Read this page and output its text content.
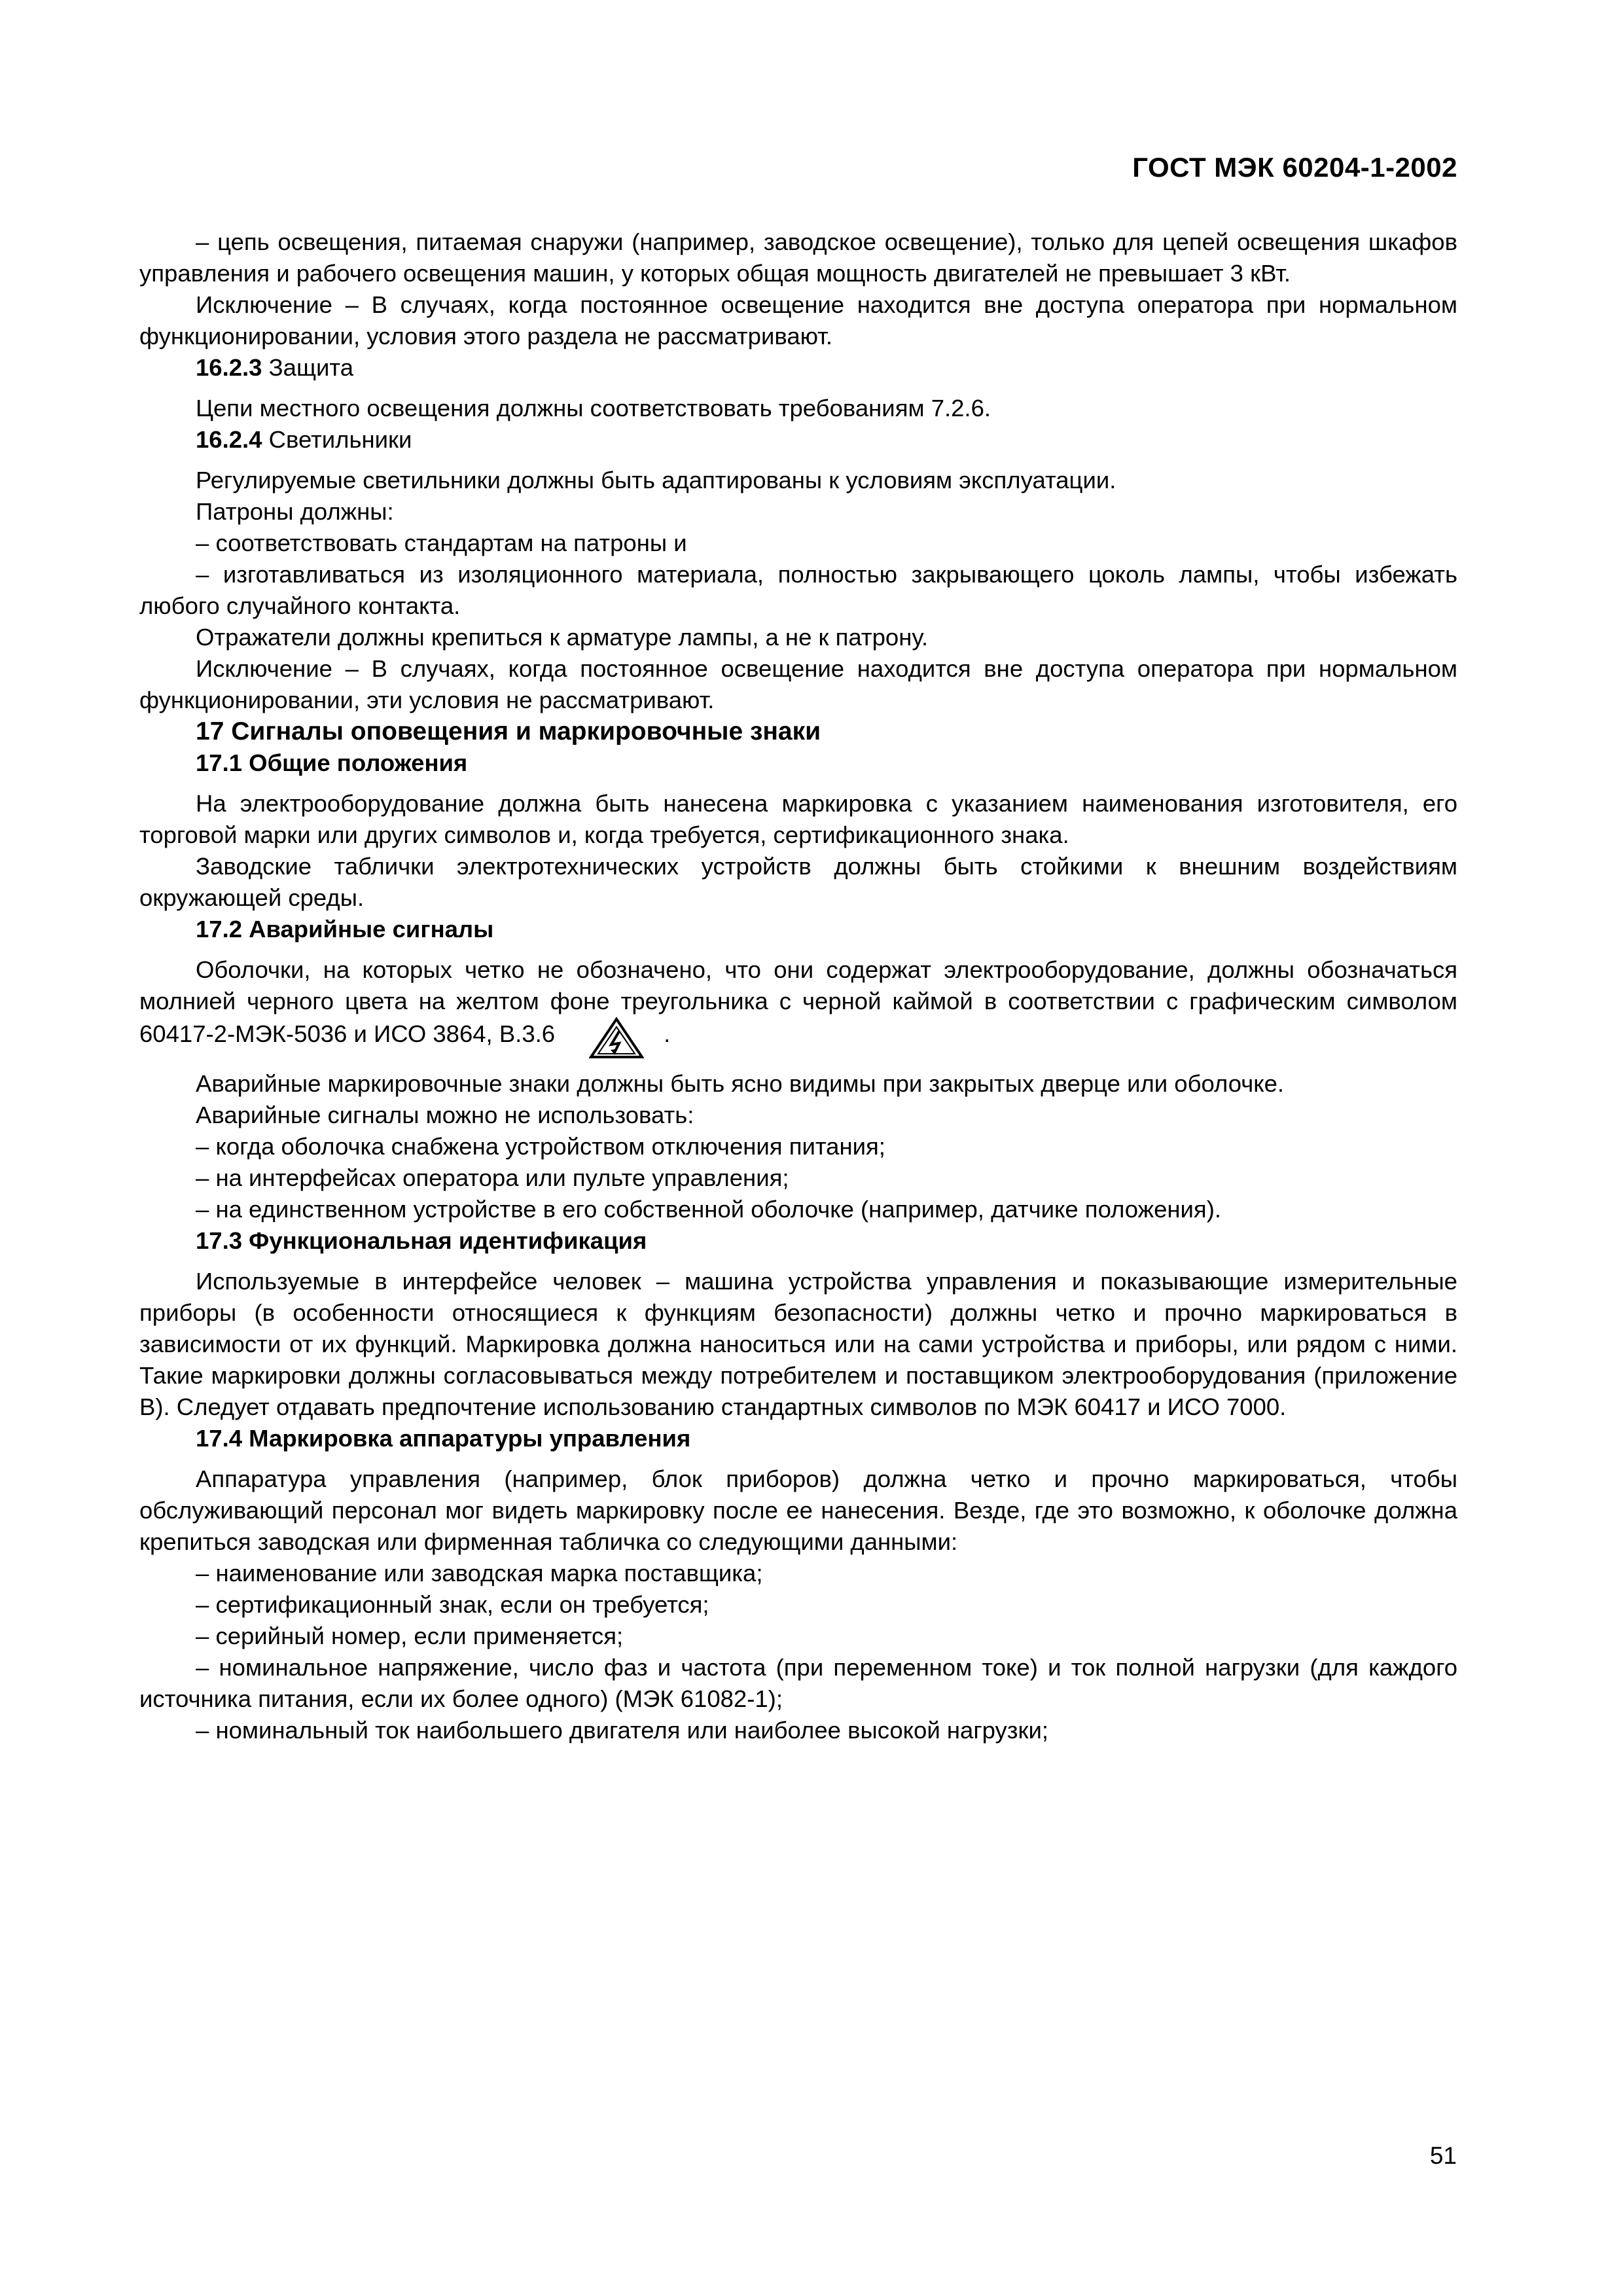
ГОСТ МЭК 60204-1-2002

– цепь освещения, питаемая снаружи (например, заводское освещение), только для цепей освещения шкафов управления и рабочего освещения машин, у которых общая мощность двигателей не превышает 3 кВт.

Исключение – В случаях, когда постоянное освещение находится вне доступа оператора при нормальном функционировании, условия этого раздела не рассматривают.

16.2.3 Защита

Цепи местного освещения должны соответствовать требованиям 7.2.6.

16.2.4 Светильники

Регулируемые светильники должны быть адаптированы к условиям эксплуатации.

Патроны должны:

– соответствовать стандартам на патроны и

– изготавливаться из изоляционного материала, полностью закрывающего цоколь лампы, чтобы избежать любого случайного контакта.

Отражатели должны крепиться к арматуре лампы, а не к патрону.

Исключение – В случаях, когда постоянное освещение находится вне доступа оператора при нормальном функционировании, эти условия не рассматривают.

17 Сигналы оповещения и маркировочные знаки

17.1 Общие положения

На электрооборудование должна быть нанесена маркировка с указанием наименования изготовителя, его торговой марки или других символов и, когда требуется, сертификационного знака.

Заводские таблички электротехнических устройств должны быть стойкими к внешним воздействиям окружающей среды.

17.2 Аварийные сигналы

Оболочки, на которых четко не обозначено, что они содержат электрооборудование, должны обозначаться молнией черного цвета на желтом фоне треугольника с черной каймой в соответствии с графическим символом 60417-2-МЭК-5036 и ИСО 3864, В.3.6	.

Аварийные маркировочные знаки должны быть ясно видимы при закрытых дверце или оболочке.

Аварийные сигналы можно не использовать:

– когда оболочка снабжена устройством отключения питания;

– на интерфейсах оператора или пульте управления;

– на единственном устройстве в его собственной оболочке (например, датчике положения).

17.3 Функциональная идентификация

Используемые в интерфейсе человек – машина устройства управления и показывающие измерительные приборы (в особенности относящиеся к функциям безопасности) должны четко и прочно маркироваться в зависимости от их функций. Маркировка должна наноситься или на сами устройства и приборы, или рядом с ними. Такие маркировки должны согласовываться между потребителем и поставщиком электрооборудования (приложение В). Следует отдавать предпочтение использованию стандартных символов по МЭК 60417 и ИСО 7000.

17.4 Маркировка аппаратуры управления

Аппаратура управления (например, блок приборов) должна четко и прочно маркироваться, чтобы обслуживающий персонал мог видеть маркировку после ее нанесения. Везде, где это возможно, к оболочке должна крепиться заводская или фирменная табличка со следующими данными:

– наименование или заводская марка поставщика;

– сертификационный знак, если он требуется;

– серийный номер, если применяется;

– номинальное напряжение, число фаз и частота (при переменном токе) и ток полной нагрузки (для каждого источника питания, если их более одного) (МЭК 61082-1);

– номинальный ток наибольшего двигателя или наиболее высокой нагрузки;

51
